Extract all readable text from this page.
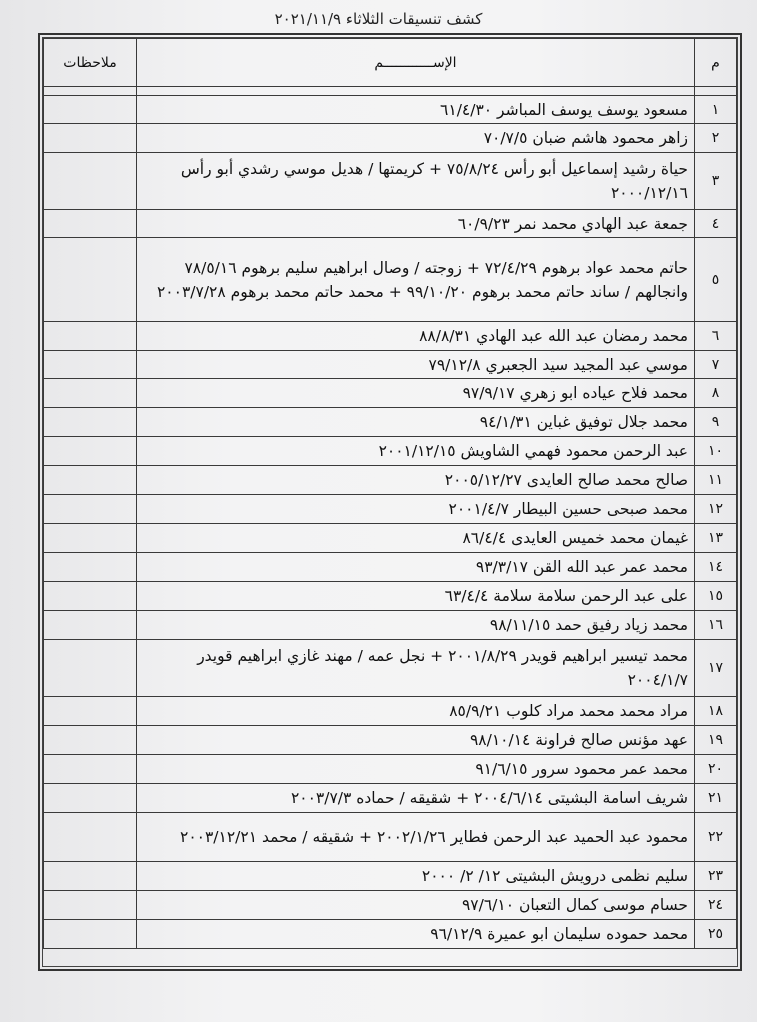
كشف تنسيقات الثلاثاء ٢٠٢١/١١/٩
م	الإســــــــــــم	ملاحظات

١	مسعود يوسف يوسف المباشر ٦١/٤/٣٠	
٢	زاهر محمود هاشم ضبان ٧٠/٧/٥	
٣	حياة رشيد إسماعيل أبو رأس ٧٥/٨/٢٤ + كريمتها / هديل موسي رشدي أبو رأس ٢٠٠٠/١٢/١٦	
٤	جمعة عبد الهادي محمد نمر ٦٠/٩/٢٣	
٥	حاتم محمد عواد برهوم ٧٢/٤/٢٩ + زوجته / وصال ابراهيم سليم برهوم ٧٨/٥/١٦ وانجالهم / ساند حاتم محمد برهوم ٩٩/١٠/٢٠ + محمد حاتم محمد برهوم ٢٠٠٣/٧/٢٨	
٦	محمد رمضان عبد الله عبد الهادي ٨٨/٨/٣١	
٧	موسي عبد المجيد سيد الجعبري ٧٩/١٢/٨	
٨	محمد فلاح عياده ابو زهري ٩٧/٩/١٧	
٩	محمد جلال توفيق غباين ٩٤/١/٣١	
١٠	عبد الرحمن محمود فهمي الشاويش ٢٠٠١/١٢/١٥	
١١	صالح محمد صالح العايدى ٢٠٠٥/١٢/٢٧	
١٢	محمد صبحى حسين البيطار ٢٠٠١/٤/٧	
١٣	غيمان محمد خميس العايدى ٨٦/٤/٤	
١٤	محمد عمر عبد الله القن ٩٣/٣/١٧	
١٥	على عبد الرحمن سلامة سلامة ٦٣/٤/٤	
١٦	محمد زياد رفيق حمد ٩٨/١١/١٥	
١٧	محمد تيسير ابراهيم قويدر ٢٠٠١/٨/٢٩ + نجل عمه / مهند غازي ابراهيم قويدر ٢٠٠٤/١/٧	
١٨	مراد محمد محمد مراد كلوب ٨٥/٩/٢١	
١٩	عهد مؤنس صالح فراونة ٩٨/١٠/١٤	
٢٠	محمد عمر محمود سرور ٩١/٦/١٥	
٢١	شريف اسامة البشيتى ٢٠٠٤/٦/١٤ + شقيقه / حماده ٢٠٠٣/٧/٣	
٢٢	محمود عبد الحميد عبد الرحمن فطاير ٢٠٠٢/١/٢٦ + شقيقه / محمد ٢٠٠٣/١٢/٢١	
٢٣	سليم نظمى درويش البشيتى ١٢/ ٢/ ٢٠٠٠	
٢٤	حسام موسى كمال التعبان ٩٧/٦/١٠	
٢٥	محمد حموده سليمان ابو عميرة ٩٦/١٢/٩	
